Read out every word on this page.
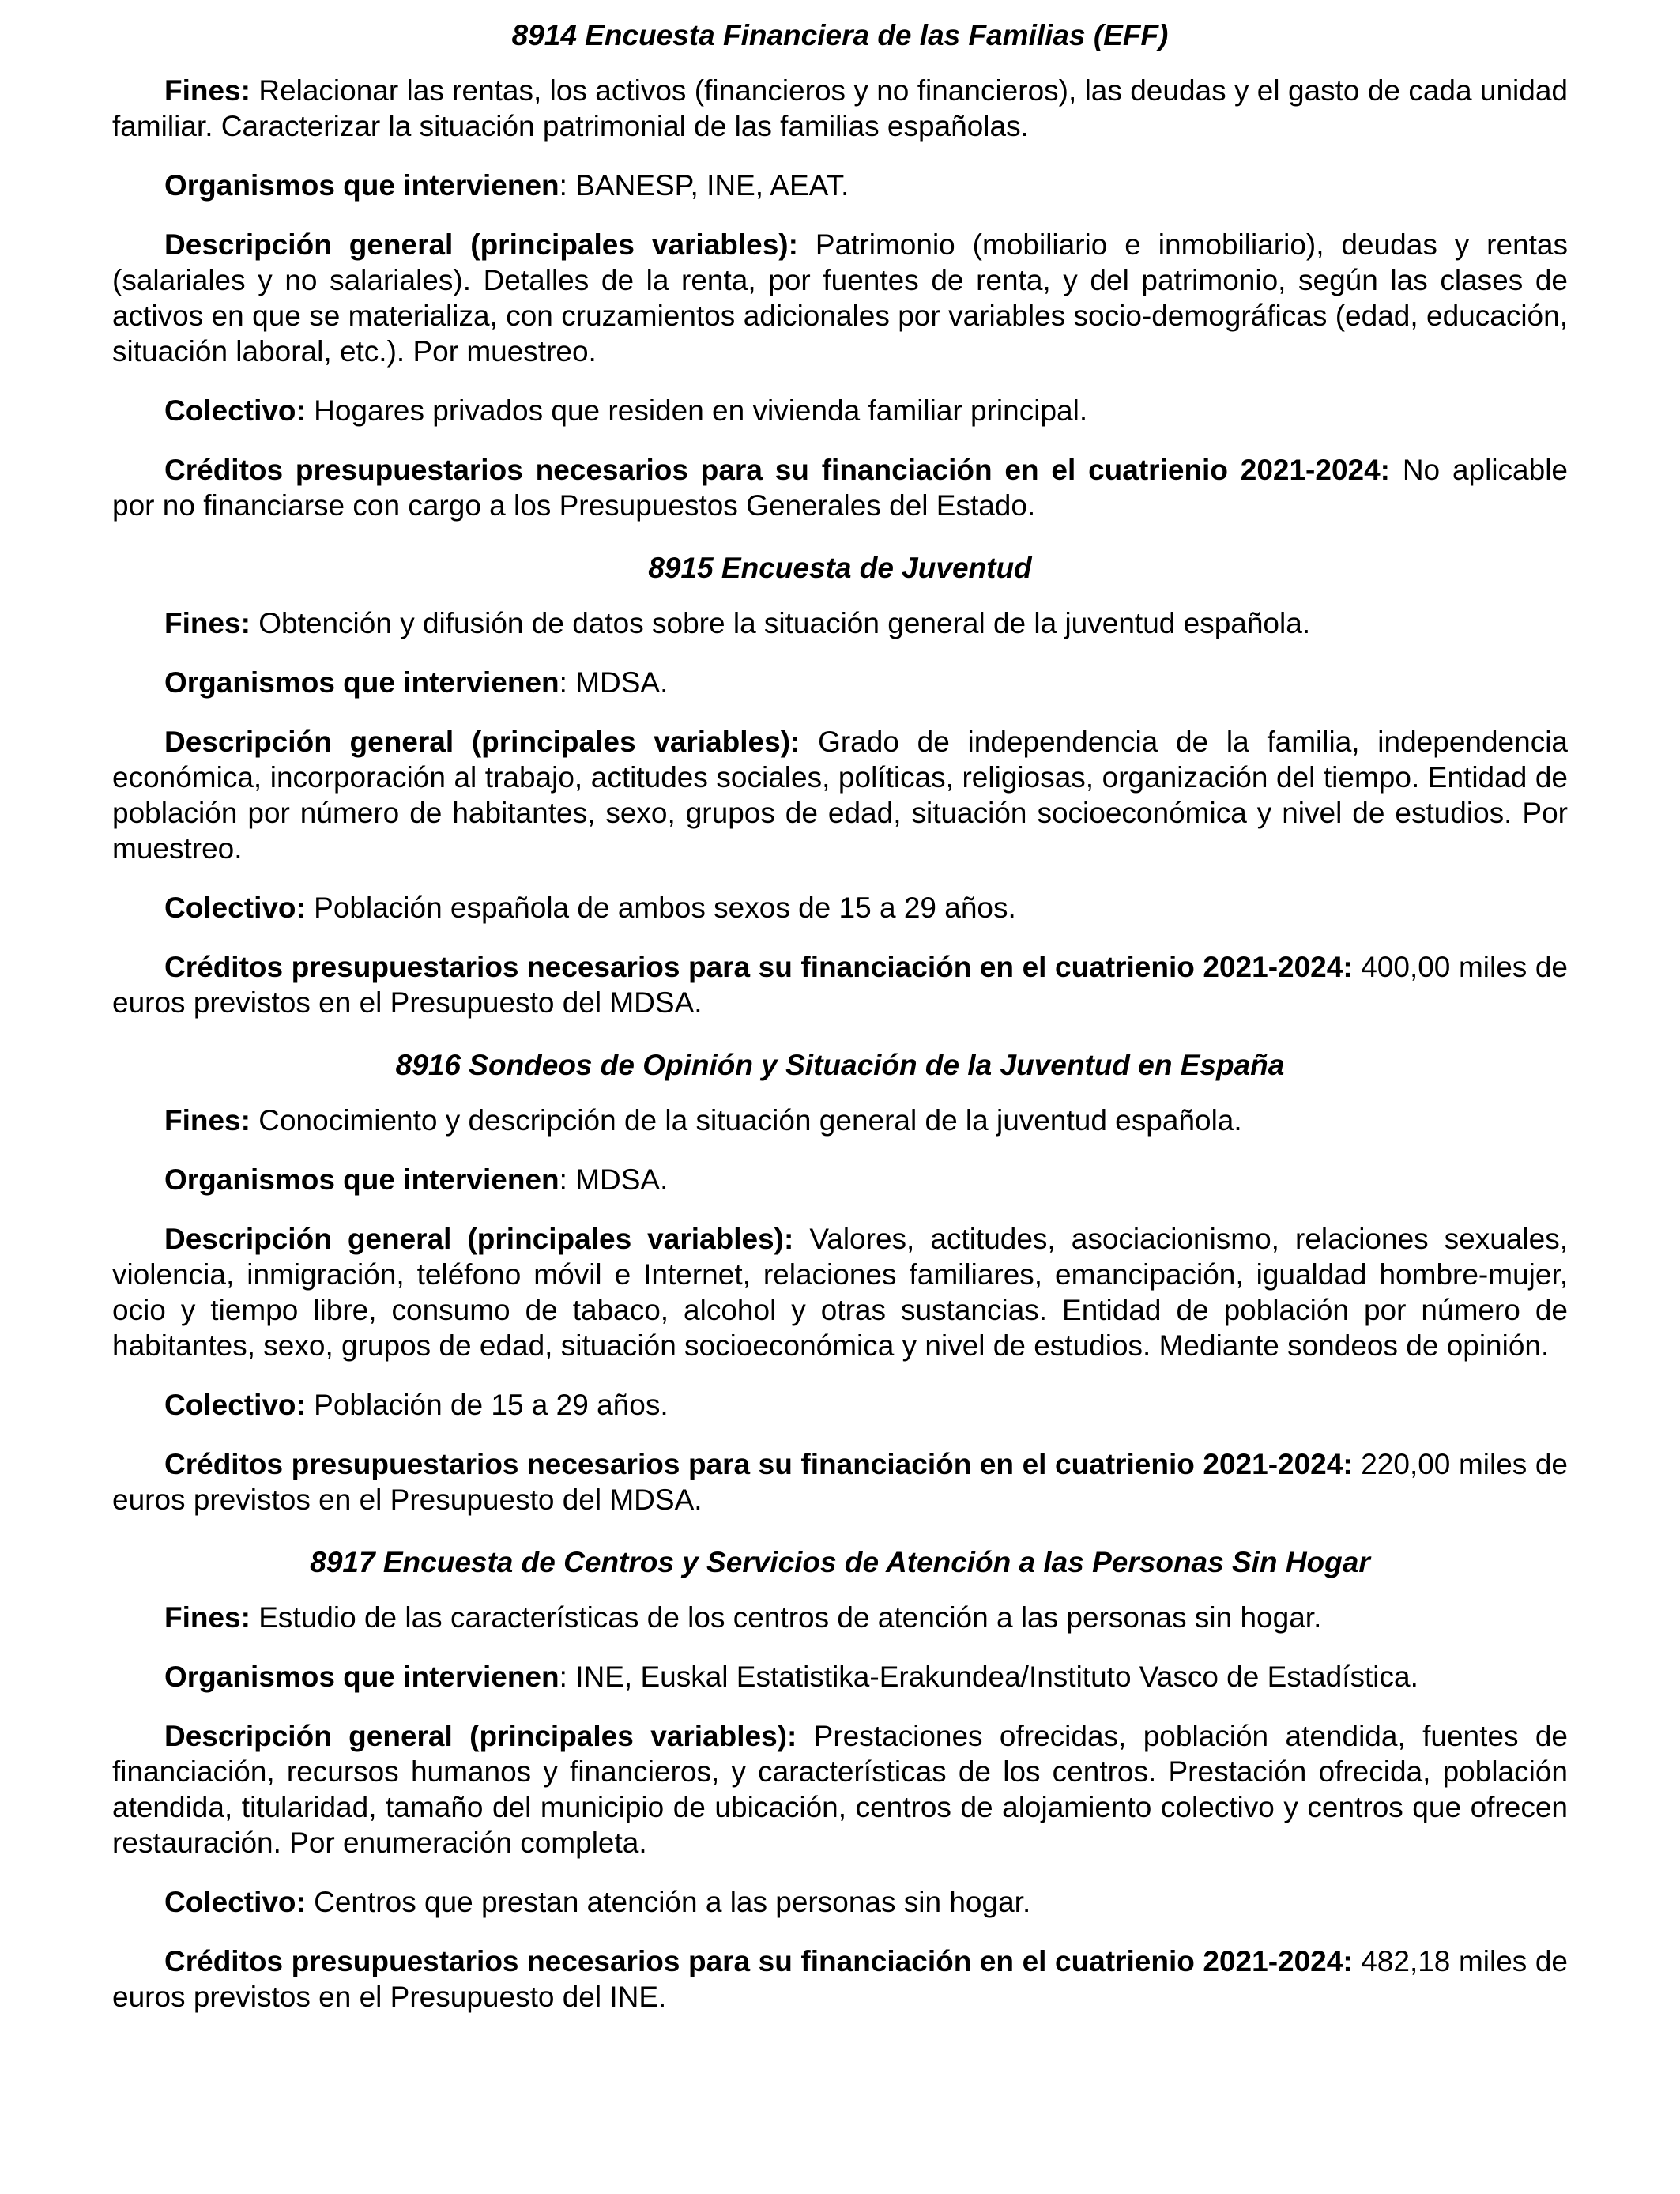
8914 Encuesta Financiera de las Familias (EFF)

Fines: Relacionar las rentas, los activos (financieros y no financieros), las deudas y el gasto de cada unidad familiar. Caracterizar la situación patrimonial de las familias españolas.

Organismos que intervienen: BANESP, INE, AEAT.

Descripción general (principales variables): Patrimonio (mobiliario e inmobiliario), deudas y rentas (salariales y no salariales). Detalles de la renta, por fuentes de renta, y del patrimonio, según las clases de activos en que se materializa, con cruzamientos adicionales por variables socio-demográficas (edad, educación, situación laboral, etc.). Por muestreo.

Colectivo: Hogares privados que residen en vivienda familiar principal.

Créditos presupuestarios necesarios para su financiación en el cuatrienio 2021-2024: No aplicable por no financiarse con cargo a los Presupuestos Generales del Estado.

8915 Encuesta de Juventud

Fines: Obtención y difusión de datos sobre la situación general de la juventud española.

Organismos que intervienen: MDSA.

Descripción general (principales variables): Grado de independencia de la familia, independencia económica, incorporación al trabajo, actitudes sociales, políticas, religiosas, organización del tiempo. Entidad de población por número de habitantes, sexo, grupos de edad, situación socioeconómica y nivel de estudios. Por muestreo.

Colectivo: Población española de ambos sexos de 15 a 29 años.

Créditos presupuestarios necesarios para su financiación en el cuatrienio 2021-2024: 400,00 miles de euros previstos en el Presupuesto del MDSA.

8916 Sondeos de Opinión y Situación de la Juventud en España

Fines: Conocimiento y descripción de la situación general de la juventud española.

Organismos que intervienen: MDSA.

Descripción general (principales variables): Valores, actitudes, asociacionismo, relaciones sexuales, violencia, inmigración, teléfono móvil e Internet, relaciones familiares, emancipación, igualdad hombre-mujer, ocio y tiempo libre, consumo de tabaco, alcohol y otras sustancias. Entidad de población por número de habitantes, sexo, grupos de edad, situación socioeconómica y nivel de estudios. Mediante sondeos de opinión.

Colectivo: Población de 15 a 29 años.

Créditos presupuestarios necesarios para su financiación en el cuatrienio 2021-2024: 220,00 miles de euros previstos en el Presupuesto del MDSA.

8917 Encuesta de Centros y Servicios de Atención a las Personas Sin Hogar

Fines: Estudio de las características de los centros de atención a las personas sin hogar.

Organismos que intervienen: INE, Euskal Estatistika-Erakundea/Instituto Vasco de Estadística.

Descripción general (principales variables): Prestaciones ofrecidas, población atendida, fuentes de financiación, recursos humanos y financieros, y características de los centros. Prestación ofrecida, población atendida, titularidad, tamaño del municipio de ubicación, centros de alojamiento colectivo y centros que ofrecen restauración. Por enumeración completa.

Colectivo: Centros que prestan atención a las personas sin hogar.

Créditos presupuestarios necesarios para su financiación en el cuatrienio 2021-2024: 482,18 miles de euros previstos en el Presupuesto del INE.
